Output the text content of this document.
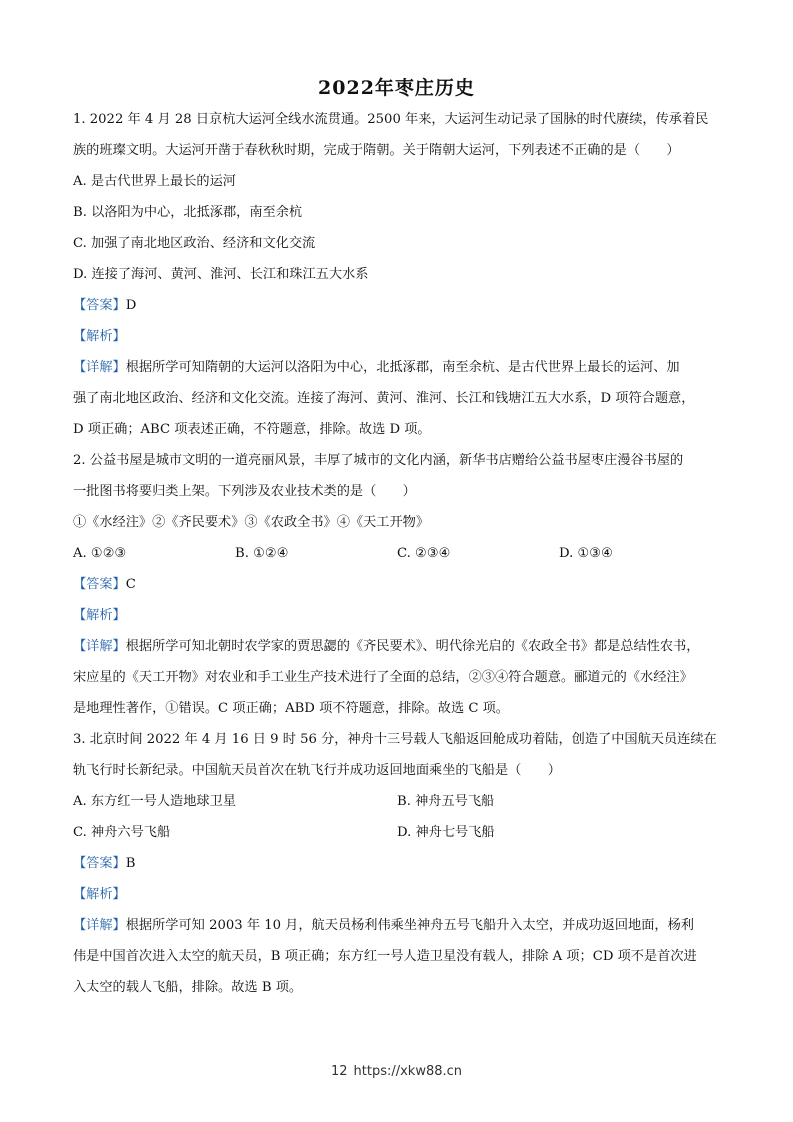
2022年枣庄历史
1. 2022 年 4 月 28 日京杭大运河全线水流贯通。2500 年来，大运河生动记录了国脉的时代赓续，传承着民
族的班璨文明。大运河开凿于春秋秋时期，完成于隋朝。关于隋朝大运河，下列表述不正确的是（　　）
A. 是古代世界上最长的运河
B. 以洛阳为中心，北抵涿郡，南至余杭
C. 加强了南北地区政治、经济和文化交流
D. 连接了海河、黄河、淮河、长江和珠江五大水系
【答案】D
【解析】
【详解】根据所学可知隋朝的大运河以洛阳为中心，北抵涿郡，南至余杭、是古代世界上最长的运河、加
强了南北地区政治、经济和文化交流。连接了海河、黄河、淮河、长江和钱塘江五大水系，D 项符合题意，
D 项正确；ABC 项表述正确，不符题意，排除。故选 D 项。
2. 公益书屋是城市文明的一道亮丽风景，丰厚了城市的文化内涵，新华书店赠给公益书屋枣庄漫谷书屋的
一批图书将要归类上架。下列涉及农业技术类的是（　　）
①《水经注》②《齐民要术》③《农政全书》④《天工开物》
A. ①②③	B. ①②④	C. ②③④	D. ①③④
【答案】C
【解析】
【详解】根据所学可知北朝时农学家的贾思勰的《齐民要术》、明代徐光启的《农政全书》都是总结性农书，
宋应星的《天工开物》对农业和手工业生产技术进行了全面的总结，②③④符合题意。郦道元的《水经注》
是地理性著作，①错误。C 项正确；ABD 项不符题意，排除。故选 C 项。
3. 北京时间 2022 年 4 月 16 日 9 时 56 分，神舟十三号载人飞船返回舱成功着陆，创造了中国航天员连续在
轨飞行时长新纪录。中国航天员首次在轨飞行并成功返回地面乘坐的飞船是（　　）
A. 东方红一号人造地球卫星	B. 神舟五号飞船
C. 神舟六号飞船	D. 神舟七号飞船
【答案】B
【解析】
【详解】根据所学可知 2003 年 10 月，航天员杨利伟乘坐神舟五号飞船升入太空，并成功返回地面，杨利
伟是中国首次进入太空的航天员，B 项正确；东方红一号人造卫星没有载人，排除 A 项；CD 项不是首次进
入太空的载人飞船，排除。故选 B 项。
12 https://xkw88.cn
